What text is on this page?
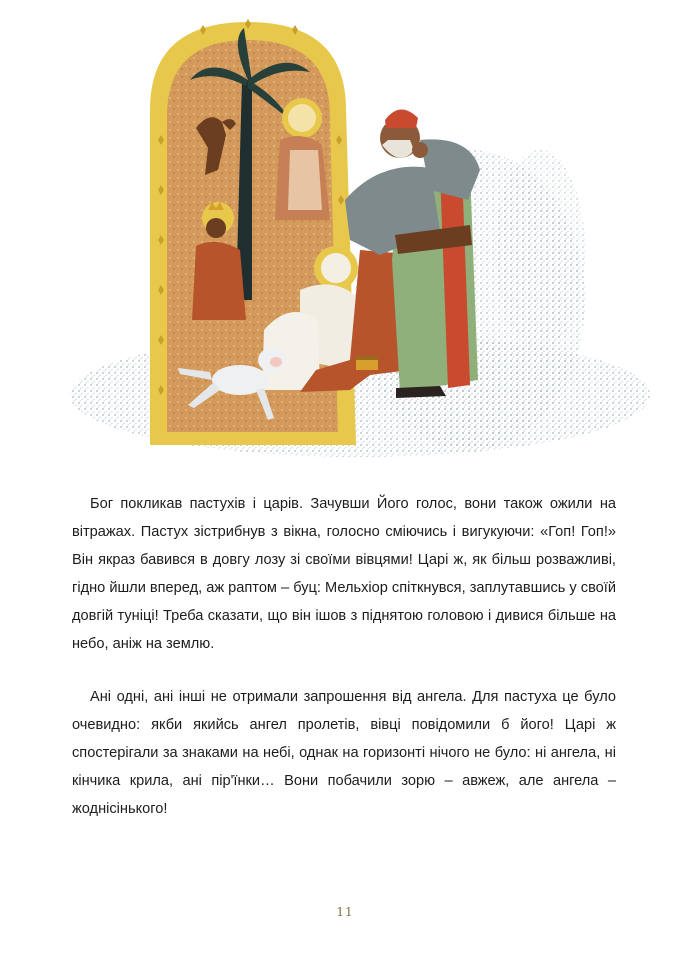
Бог покликав пастухів і царів. Зачувши Його голос, вони також ожили на вітражах. Пастух зістрибнув з вікна, голосно сміючись і вигукуючи: «Гоп! Гоп!» Він якраз бавився в довгу лозу зі своїми вівцями! Царі ж, як більш розважливі, гідно йшли вперед, аж раптом – буц: Мельхіор спіткнувся, заплутавшись у своїй довгій туніці! Треба сказати, що він ішов з піднятою головою і дивися більше на небо, аніж на землю.

Ані одні, ані інші не отримали запрошення від ангела. Для пастуха це було очевидно: якби якийсь ангел пролетів, вівці повідомили б його! Царі ж спостерігали за знаками на небі, однак на горизонті нічого не було: ні ангела, ні кінчика крила, ані пір'їнки… Вони побачили зорю – авжеж, але ангела – жоднісінького!

11
